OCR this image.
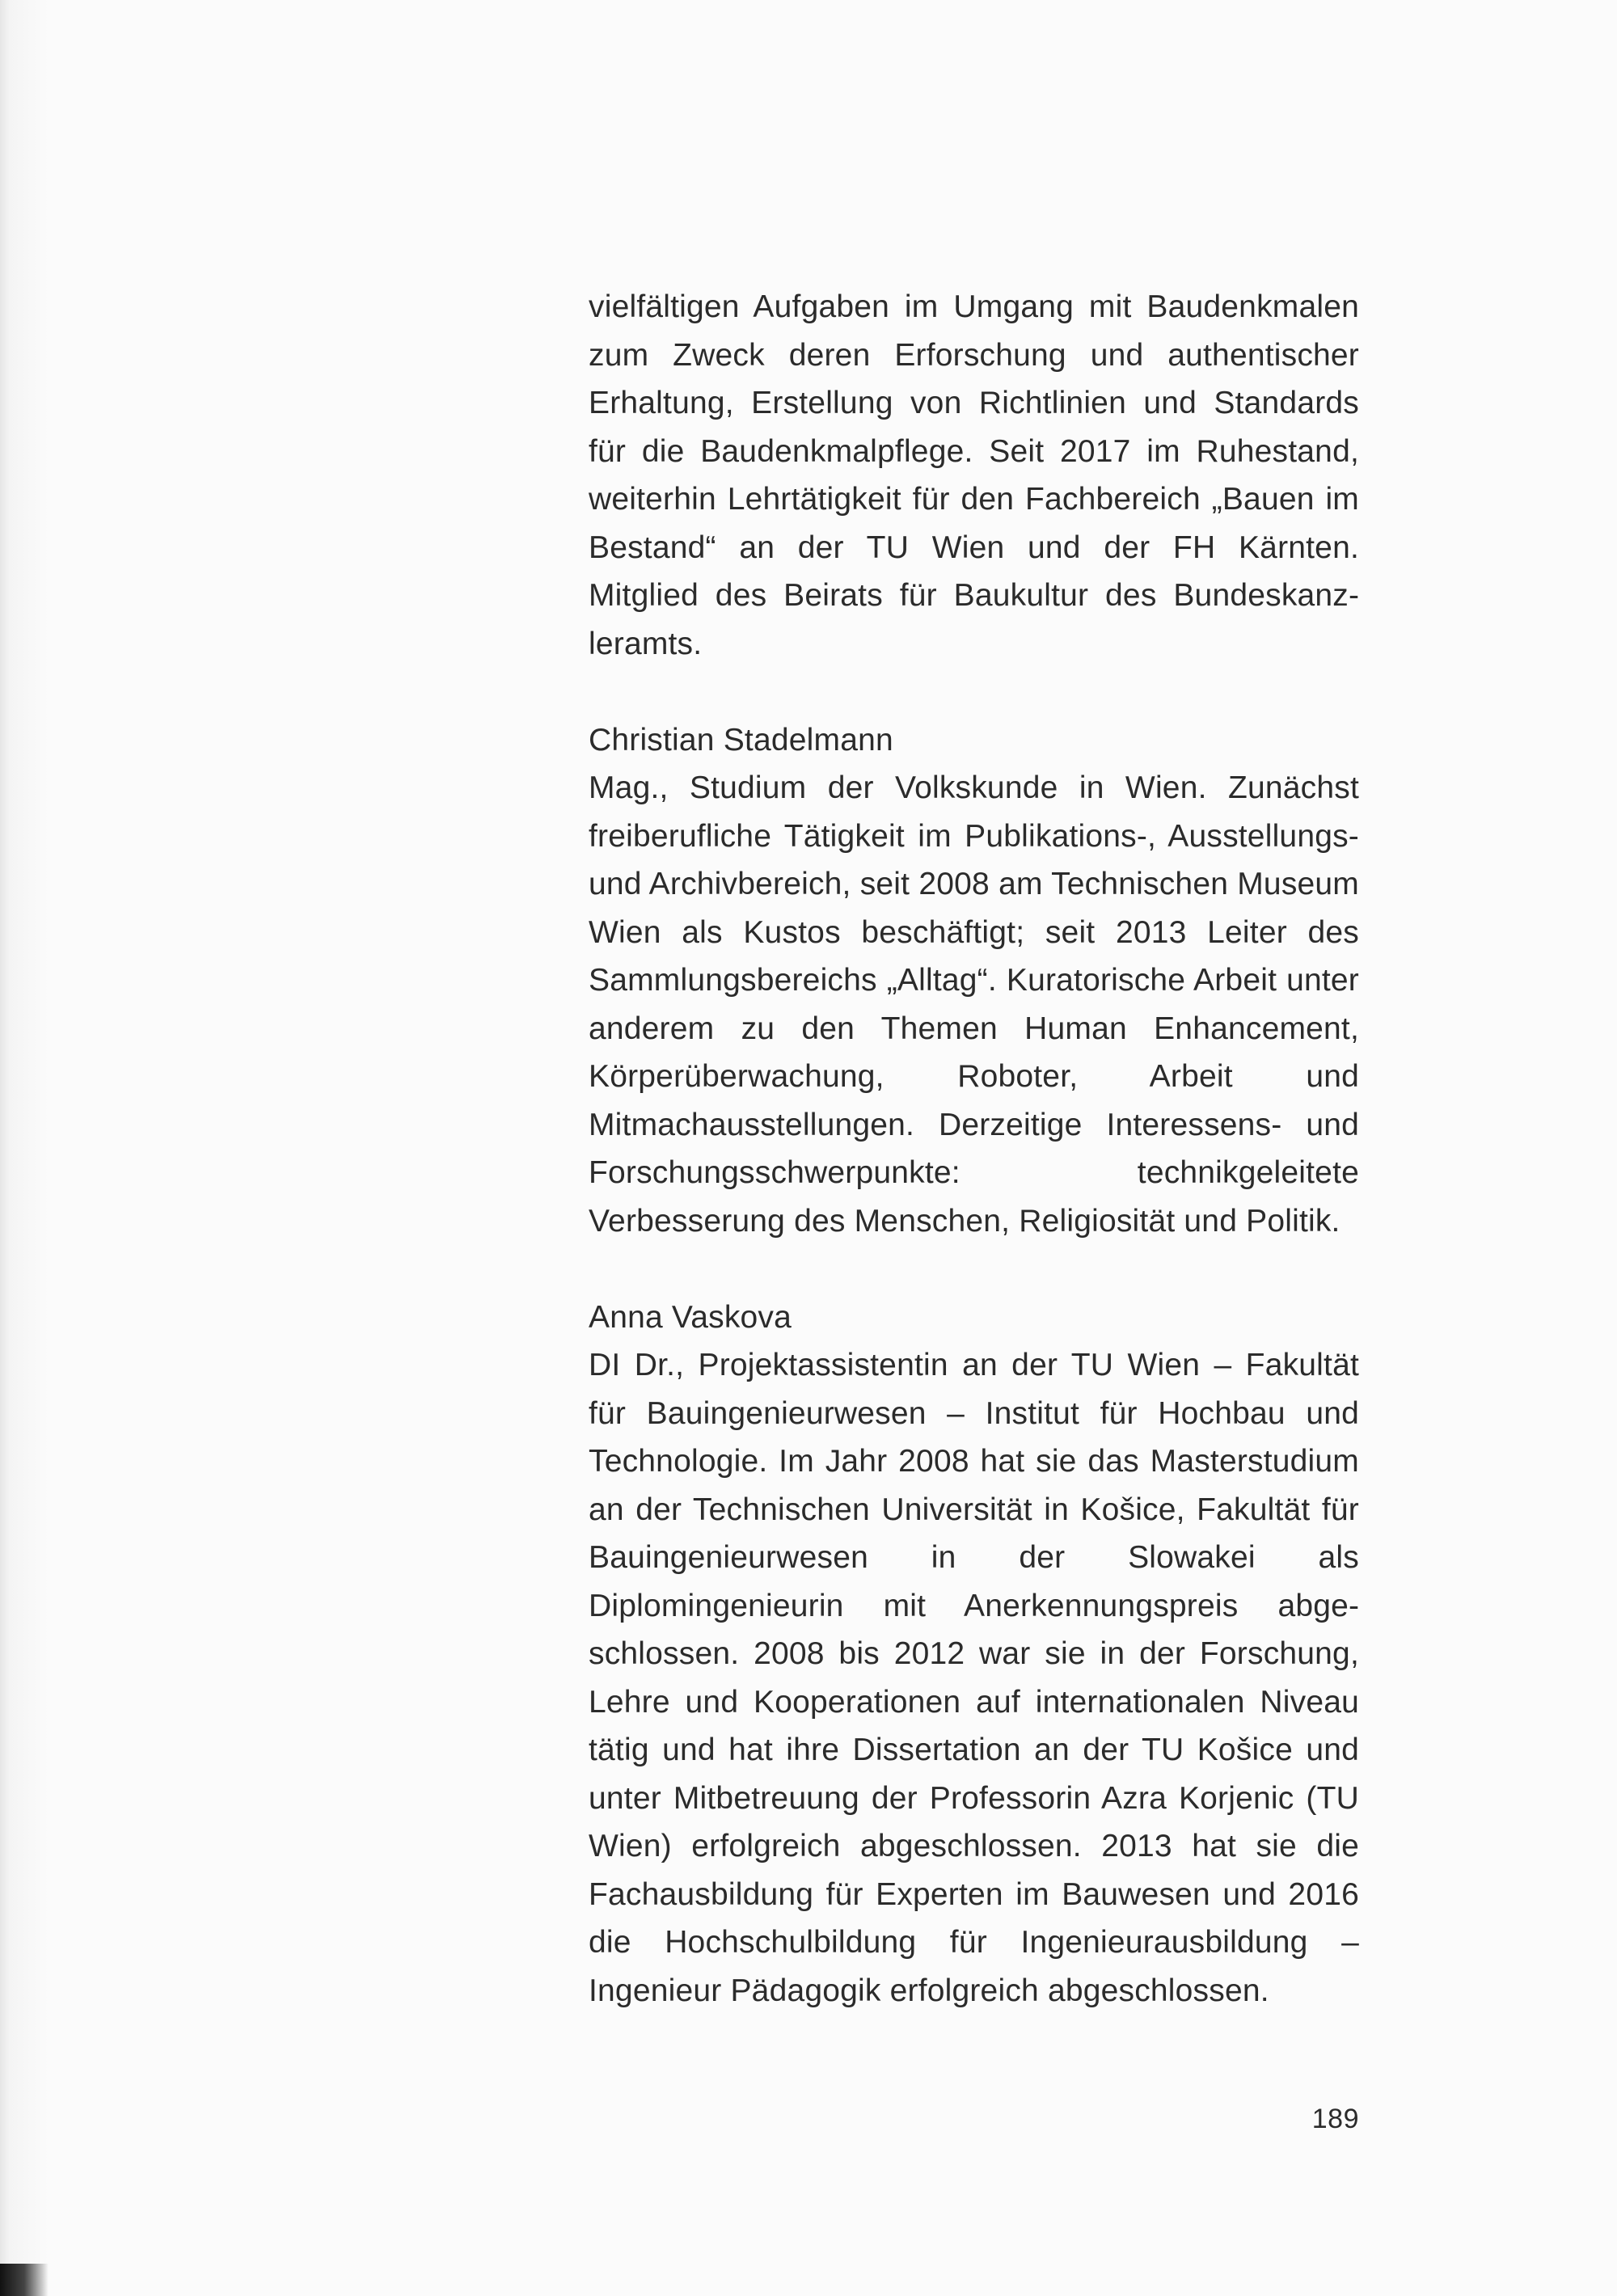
vielfältigen Aufgaben im Umgang mit Baudenkmalen zum Zweck deren Erforschung und authentischer Erhaltung, Erstellung von Richtlinien und Standards für die Baudenkmalpflege. Seit 2017 im Ruhestand, weiterhin Lehrtätigkeit für den Fachbereich „Bauen im Bestand“ an der TU Wien und der FH Kärnten. Mitglied des Beirats für Baukultur des Bundeskanzleramts.

Christian Stadelmann

Mag., Studium der Volkskunde in Wien. Zunächst freiberufliche Tätigkeit im Publikations-, Ausstellungs- und Archivbereich, seit 2008 am Technischen Museum Wien als Kustos beschäftigt; seit 2013 Leiter des Sammlungsbereichs „Alltag“. Kuratorische Arbeit unter anderem zu den Themen Human Enhancement, Körperüberwachung, Roboter, Arbeit und Mitmachausstellungen. Derzeitige Interessens- und Forschungsschwerpunkte: technikgeleitete Verbesserung des Menschen, Religiosität und Politik.

Anna Vaskova

DI Dr., Projektassistentin an der TU Wien – Fakultät für Bauingenieurwesen – Institut für Hochbau und Technologie. Im Jahr 2008 hat sie das Masterstudium an der Technischen Universität in Košice, Fakultät für Bauingenieurwesen in der Slowakei als Diplomingenieurin mit Anerkennungspreis abgeschlossen. 2008 bis 2012 war sie in der Forschung, Lehre und Kooperationen auf internationalen Niveau tätig und hat ihre Dissertation an der TU Košice und unter Mitbetreuung der Professorin Azra Korjenic (TU Wien) erfolgreich abgeschlossen. 2013 hat sie die Fachausbildung für Experten im Bauwesen und 2016 die Hochschulbildung für Ingenieurausbildung – Ingenieur Pädagogik erfolgreich abgeschlossen.

189
